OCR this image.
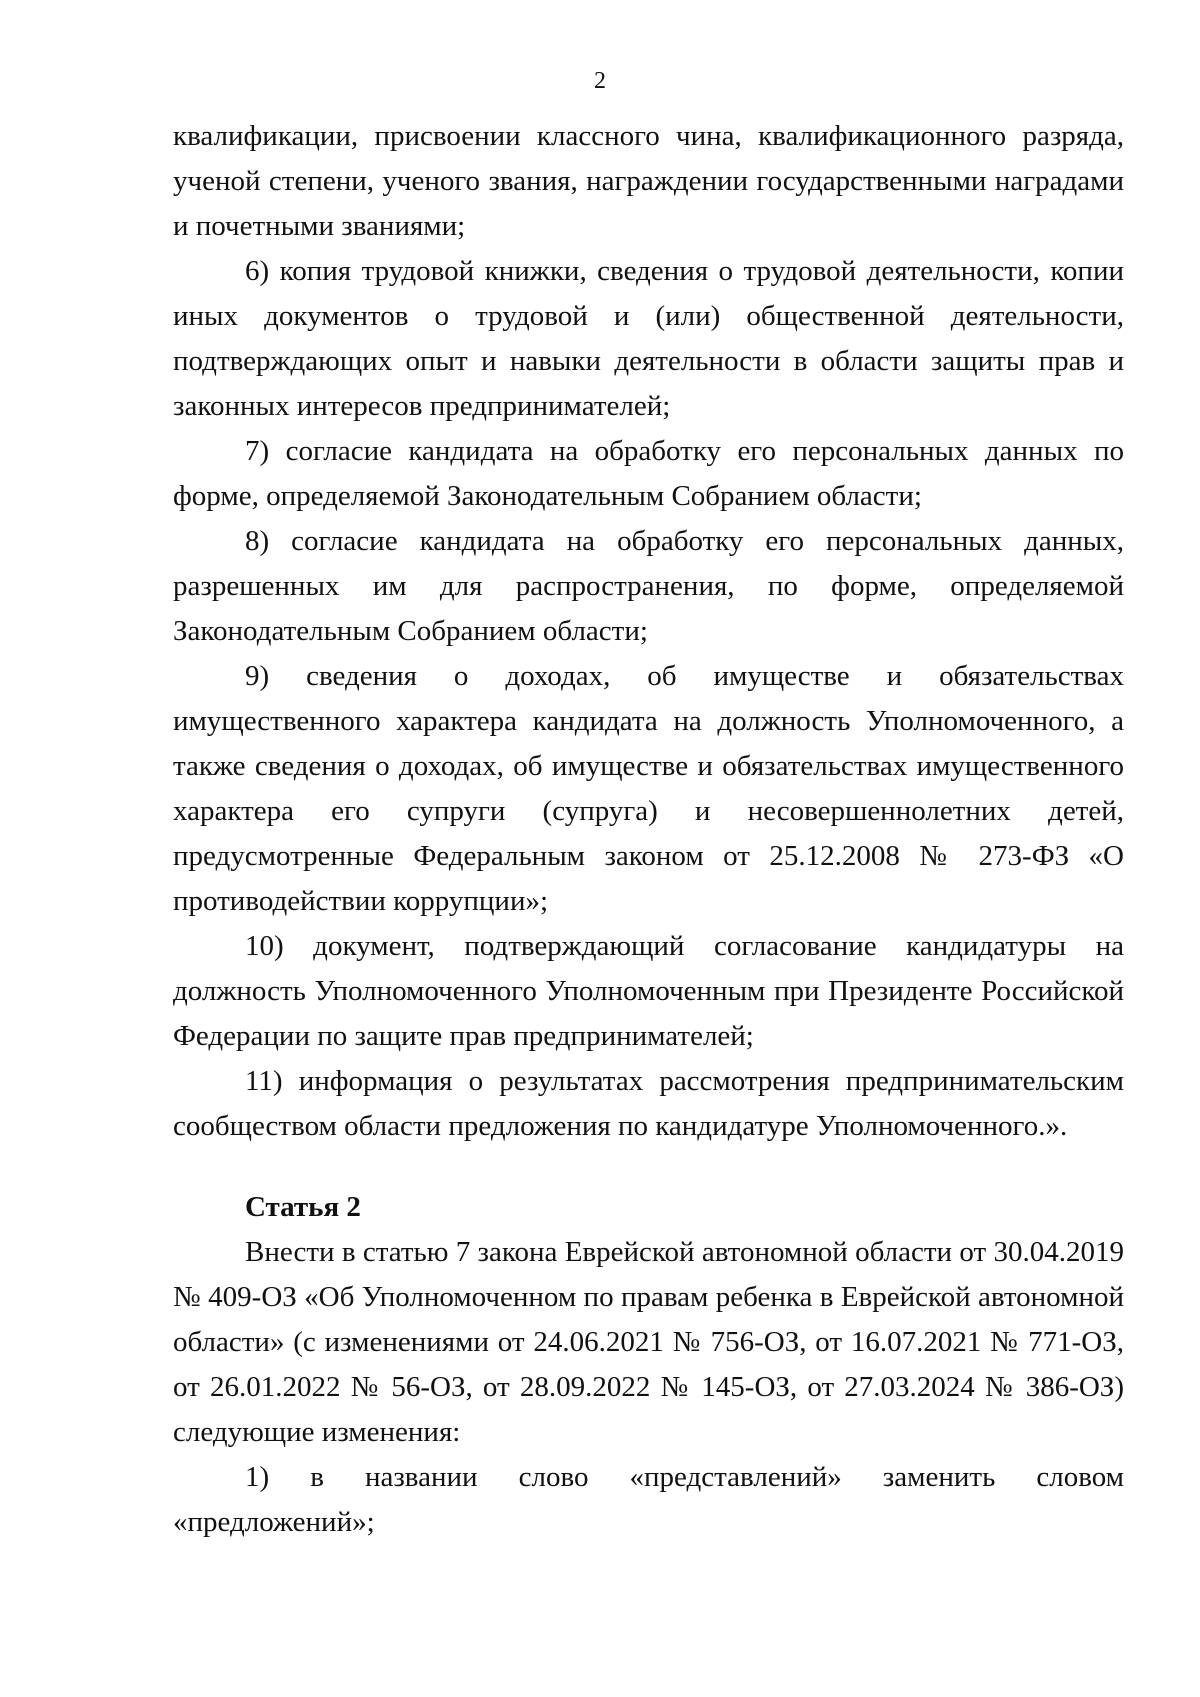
2

квалификации, присвоении классного чина, квалификационного разряда, ученой степени, ученого звания, награждении государственными наградами и почетными званиями;

6) копия трудовой книжки, сведения о трудовой деятельности, копии иных документов о трудовой и (или) общественной деятельности, подтверждающих опыт и навыки деятельности в области защиты прав и законных интересов предпринимателей;

7) согласие кандидата на обработку его персональных данных по форме, определяемой Законодательным Собранием области;

8) согласие кандидата на обработку его персональных данных, разрешенных им для распространения, по форме, определяемой Законодательным Собранием области;

9) сведения о доходах, об имуществе и обязательствах имущественного характера кандидата на должность Уполномоченного, а также сведения о доходах, об имуществе и обязательствах имущественного характера его супруги (супруга) и несовершеннолетних детей, предусмотренные Федеральным законом от 25.12.2008 № 273-ФЗ «О противодействии коррупции»;

10) документ, подтверждающий согласование кандидатуры на должность Уполномоченного Уполномоченным при Президенте Российской Федерации по защите прав предпринимателей;

11) информация о результатах рассмотрения предпринимательским сообществом области предложения по кандидатуре Уполномоченного.».

Статья 2

Внести в статью 7 закона Еврейской автономной области от 30.04.2019 № 409-ОЗ «Об Уполномоченном по правам ребенка в Еврейской автономной области» (с изменениями от 24.06.2021 № 756-ОЗ, от 16.07.2021 № 771-ОЗ, от 26.01.2022 № 56-ОЗ, от 28.09.2022 № 145-ОЗ, от 27.03.2024 № 386-ОЗ) следующие изменения:

1) в названии слово «представлений» заменить словом «предложений»;
